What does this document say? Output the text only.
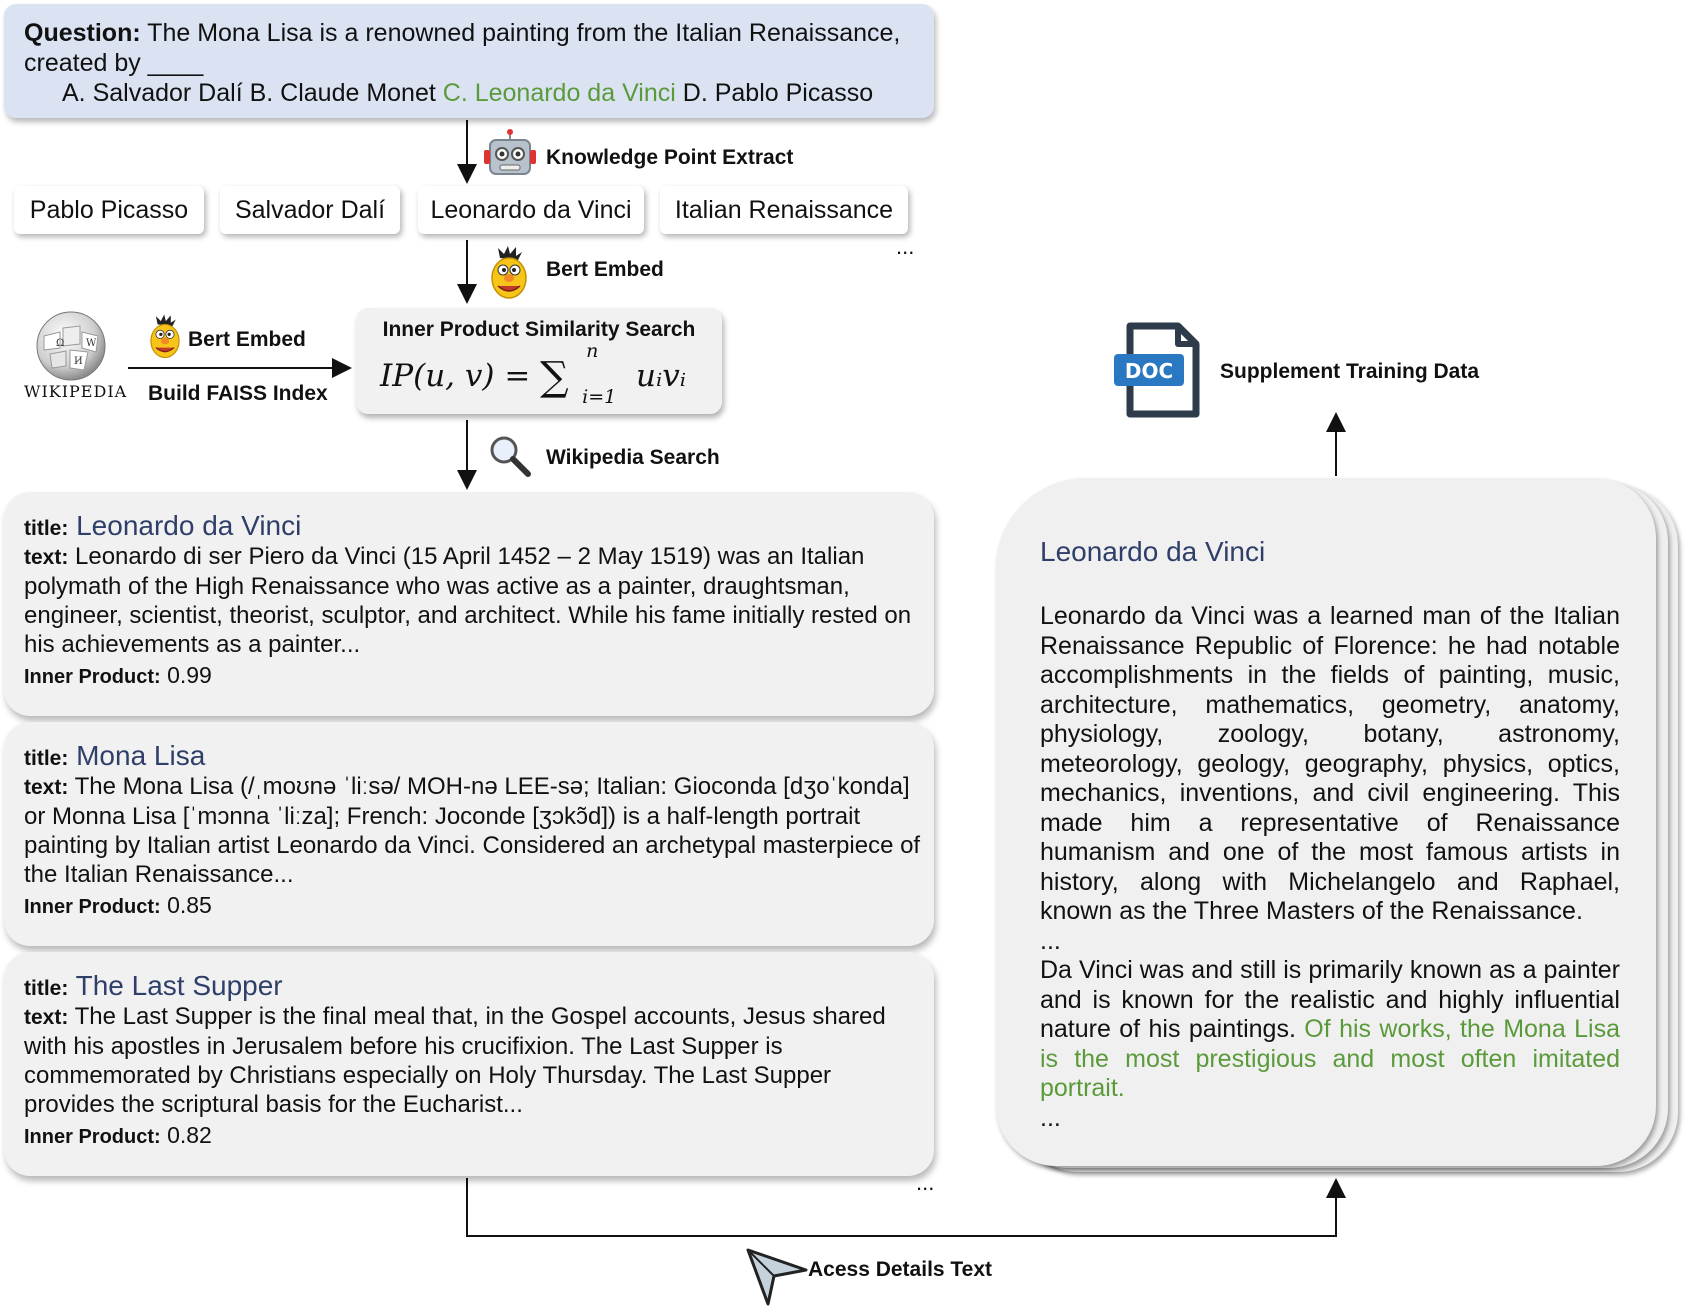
Question: The Mona Lisa is a renowned painting from the Italian Renaissance,
created by ____
A. Salvador Dalí B. Claude Monet C. Leonardo da Vinci D. Pablo Picasso
Knowledge Point Extract
Pablo Picasso	Salvador Dalí	Leonardo da Vinci	Italian Renaissance
...
Bert Embed
Ω W
И
WIKIPEDIA
Bert Embed
Build FAISS Index
Inner Product Similarity Search
IP(u, v) = ∑
n
i=1
uᵢvᵢ
Wikipedia Search
title: Leonardo da Vinci
text: Leonardo di ser Piero da Vinci (15 April 1452 – 2 May 1519) was an Italian polymath of the High Renaissance who was active as a painter, draughtsman, engineer, scientist, theorist, sculptor, and architect. While his fame initially rested on his achievements as a painter...
Inner Product: 0.99
title: Mona Lisa
text: The Mona Lisa (/ˌmoʊnə ˈliːsə/ MOH-nə LEE-sə; Italian: Gioconda [dʒoˈkonda] or Monna Lisa [ˈmɔnna ˈliːza]; French: Joconde [ʒɔkɔ̃d]) is a half-length portrait painting by Italian artist Leonardo da Vinci. Considered an archetypal masterpiece of the Italian Renaissance...
Inner Product: 0.85
title: The Last Supper
text: The Last Supper is the final meal that, in the Gospel accounts, Jesus shared with his apostles in Jerusalem before his crucifixion. The Last Supper is commemorated by Christians especially on Holy Thursday. The Last Supper provides the scriptural basis for the Eucharist...
Inner Product: 0.82
...
Acess Details Text
Leonardo da Vinci
Leonardo da Vinci was a learned man of the Italian Renaissance Republic of Florence: he had notable accomplishments in the fields of painting, music, architecture, mathematics, geometry, anatomy, physiology, zoology, botany, astronomy, meteorology, geology, geography, physics, optics, mechanics, inventions, and civil engineering. This made him a representative of Renaissance humanism and one of the most famous artists in history, along with Michelangelo and Raphael, known as the Three Masters of the Renaissance.
...
Da Vinci was and still is primarily known as a painter and is known for the realistic and highly influential nature of his paintings. Of his works, the Mona Lisa is the most prestigious and most often imitated portrait.
...
DOC Supplement Training Data
